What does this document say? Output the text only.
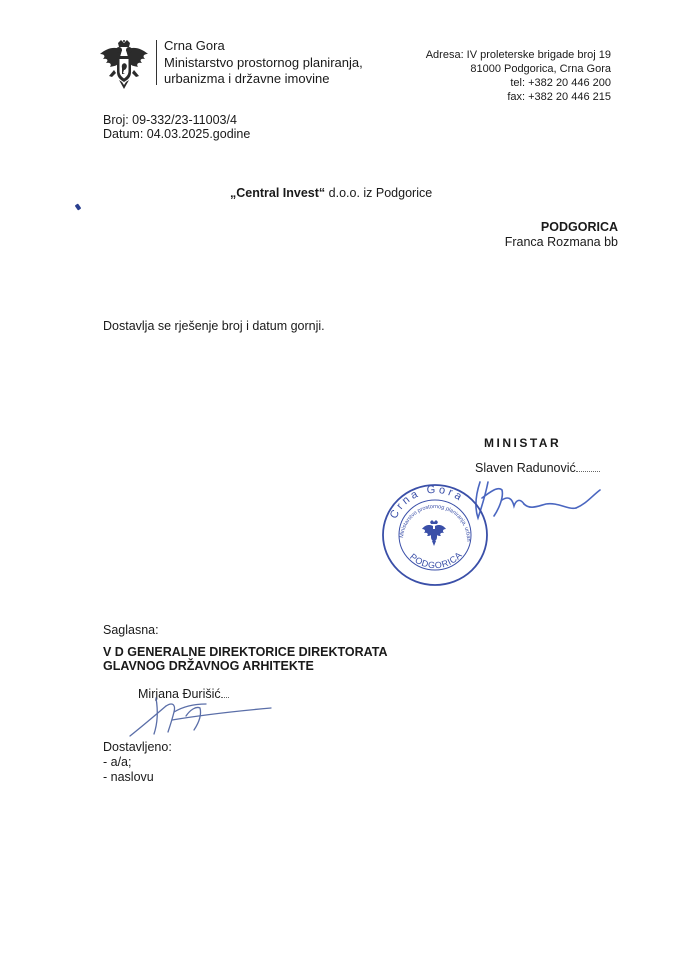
Crna Gora
Ministarstvo prostornog planiranja,
urbanizma i državne imovine
Adresa: IV proleterske brigade broj 19
81000 Podgorica, Crna Gora
tel: +382 20 446 200
fax: +382 20 446 215
Broj: 09-332/23-11003/4
Datum: 04.03.2025.godine
„Central Invest“ d.o.o. iz Podgorice
PODGORICA
Franca Rozmana bb
Dostavlja se rješenje broj i datum gornji.
MINISTAR
Slaven Radunović
Crna Gora
Ministarstvo prostornog planiranja, urban
PODGORICA
Saglasna:
V D GENERALNE DIREKTORICE DIREKTORATA
GLAVNOG DRŽAVNOG ARHITEKTE
Mirjana Đurišić
Dostavljeno:
- a/a;
- naslovu
